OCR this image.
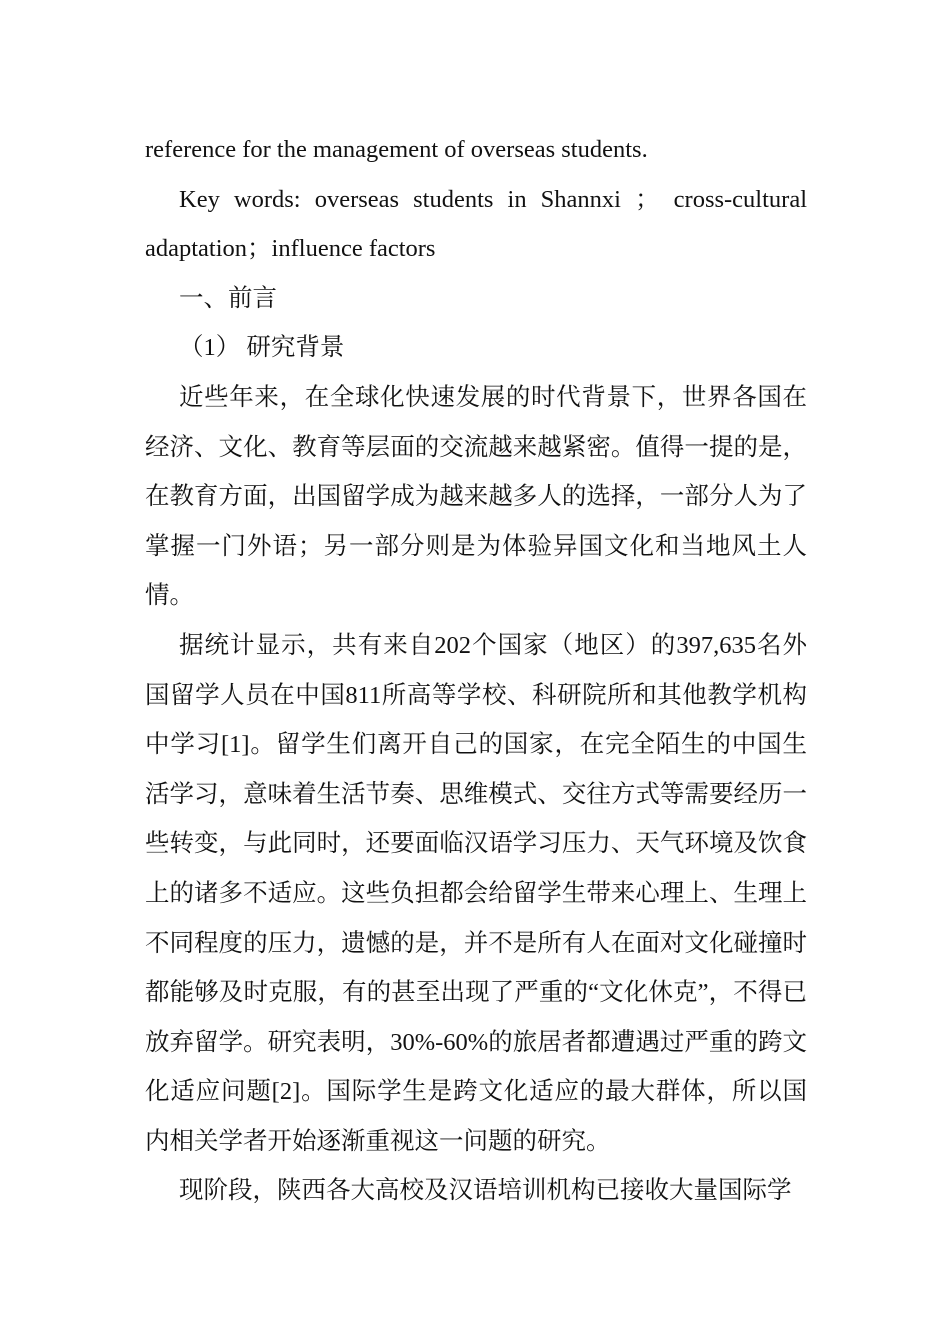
reference for the management of overseas students.

Key words: overseas students in Shannxi ； cross-cultural

adaptation；influence factors

一、前言

（1） 研究背景

近些年来，在全球化快速发展的时代背景下，世界各国在经济、文化、教育等层面的交流越来越紧密。值得一提的是，在教育方面，出国留学成为越来越多人的选择，一部分人为了掌握一门外语；另一部分则是为体验异国文化和当地风土人情。

据统计显示，共有来自202个国家（地区）的397,635名外国留学人员在中国811所高等学校、科研院所和其他教学机构中学习[1]。留学生们离开自己的国家，在完全陌生的中国生活学习，意味着生活节奏、思维模式、交往方式等需要经历一些转变，与此同时，还要面临汉语学习压力、天气环境及饮食上的诸多不适应。这些负担都会给留学生带来心理上、生理上不同程度的压力，遗憾的是，并不是所有人在面对文化碰撞时都能够及时克服，有的甚至出现了严重的“文化休克”，不得已放弃留学。研究表明，30%-60%的旅居者都遭遇过严重的跨文化适应问题[2]。国际学生是跨文化适应的最大群体，所以国内相关学者开始逐渐重视这一问题的研究。

现阶段，陕西各大高校及汉语培训机构已接收大量国际学
